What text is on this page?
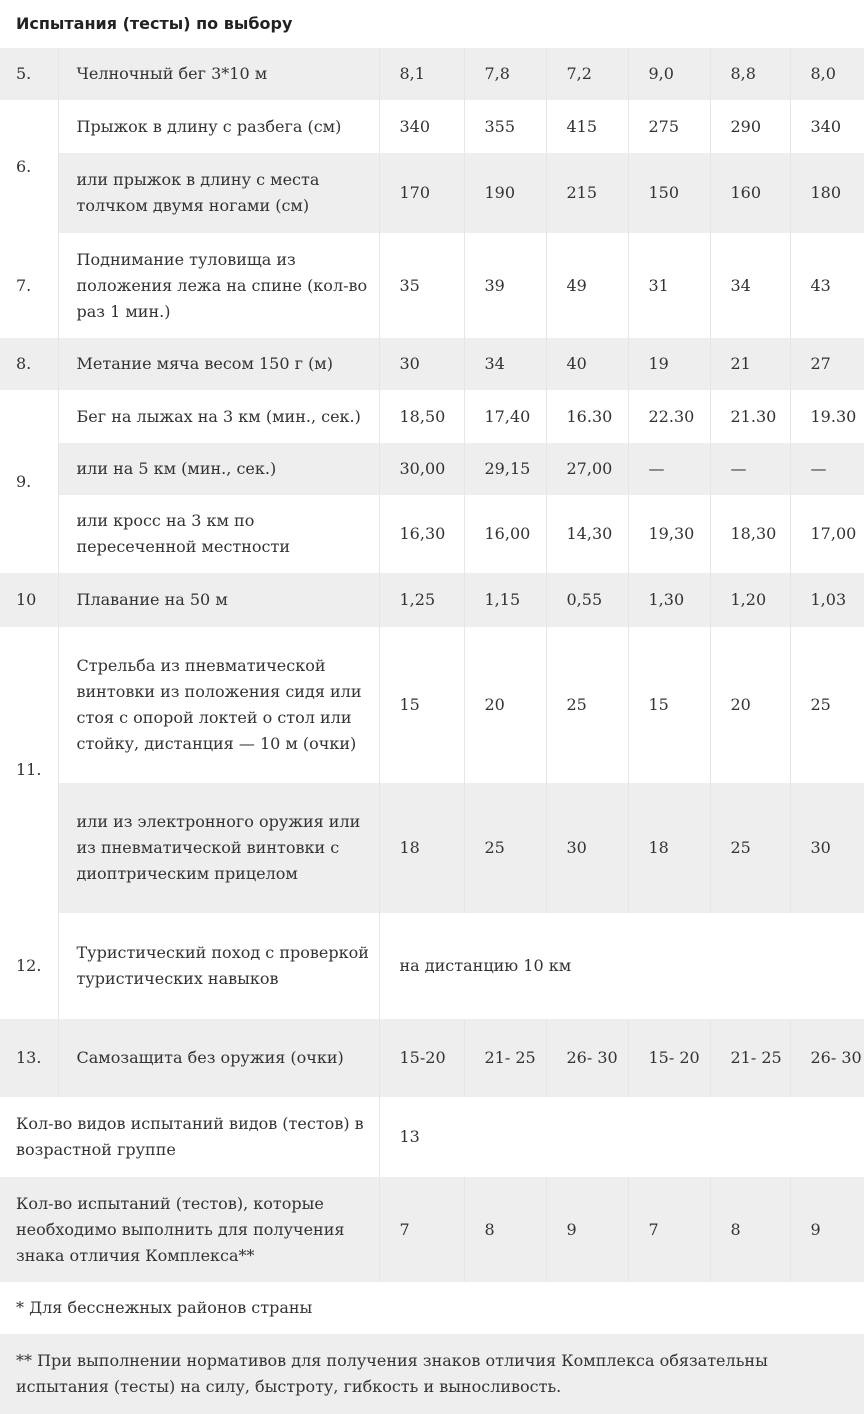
Испытания (тесты) по выбору							
5.	Челночный бег 3*10 м	8,1	7,8	7,2	9,0	8,8	8,0
6.	Прыжок в длину с разбега (см)	340	355	415	275	290	340
	или прыжок в длину с места толчком двумя ногами (см)	170	190	215	150	160	180
7.	Поднимание туловища из положения лежа на спине (кол-во раз 1 мин.)	35	39	49	31	34	43
8.	Метание мяча весом 150 г (м)	30	34	40	19	21	27
9.	Бег на лыжах на 3 км (мин., сек.)	18,50	17,40	16.30	22.30	21.30	19.30
	или на 5 км (мин., сек.)	30,00	29,15	27,00	—	—	—
	или кросс на 3 км по пересеченной местности	16,30	16,00	14,30	19,30	18,30	17,00
10	Плавание на 50 м	1,25	1,15	0,55	1,30	1,20	1,03
11.	Стрельба из пневматической винтовки из положения сидя или стоя с опорой локтей о стол или стойку, дистанция — 10 м (очки)	15	20	25	15	20	25
	или из электронного оружия или из пневматической винтовки с диоптрическим прицелом	18	25	30	18	25	30
12.	Туристический поход с проверкой туристических навыков	на дистанцию 10 км					
13.	Самозащита без оружия (очки)	15-20	21- 25	26- 30	15- 20	21- 25	26- 30
Кол-во видов испытаний видов (тестов) в возрастной группе		13					
Кол-во испытаний (тестов), которые необходимо выполнить для получения знака отличия Комплекса**		7	8	9	7	8	9
* Для бесснежных районов страны							
** При выполнении нормативов для получения знаков отличия Комплекса обязательны испытания (тесты) на силу, быстроту, гибкость и выносливость.							
